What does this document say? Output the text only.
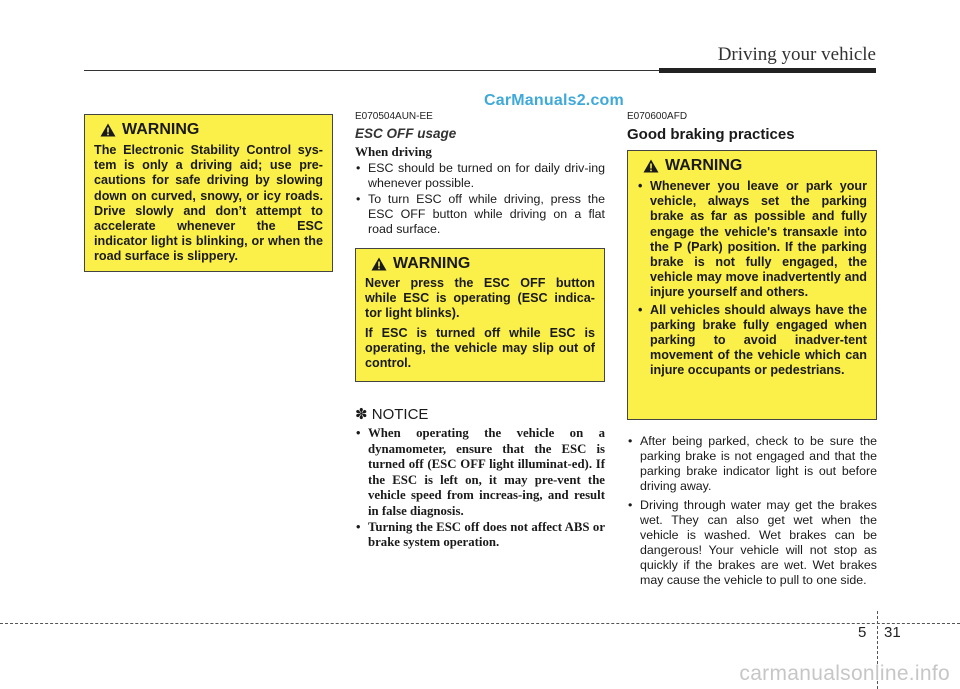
Driving your vehicle
CarManuals2.com
WARNING
The Electronic Stability Control sys-tem is only a driving aid; use pre-cautions for safe driving by slowing down on curved, snowy, or icy roads. Drive slowly and don’t attempt to accelerate whenever the ESC indicator light is blinking, or when the road surface is slippery.
E070504AUN-EE
ESC OFF usage
When driving
• ESC should be turned on for daily driv-ing whenever possible.
• To turn ESC off while driving, press the ESC OFF button while driving on a flat road surface.
WARNING
Never press the ESC OFF button while ESC is operating (ESC indica-tor light blinks).
If ESC is turned off while ESC is operating, the vehicle may slip out of control.
✽ NOTICE
• When operating the vehicle on a dynamometer, ensure that the ESC is turned off (ESC OFF light illuminat-ed). If the ESC is left on, it may pre-vent the vehicle speed from increas-ing, and result in false diagnosis.
• Turning the ESC off does not affect ABS or brake system operation.
E070600AFD
Good braking practices
WARNING
• Whenever you leave or park your vehicle, always set the parking brake as far as possible and fully engage the vehicle's transaxle into the P (Park) position. If the parking brake is not fully engaged, the vehicle may move inadvertently and injure yourself and others.
• All vehicles should always have the parking brake fully engaged when parking to avoid inadver-tent movement of the vehicle which can injure occupants or pedestrians.
• After being parked, check to be sure the parking brake is not engaged and that the parking brake indicator light is out before driving away.
• Driving through water may get the brakes wet. They can also get wet when the vehicle is washed. Wet brakes can be dangerous! Your vehicle will not stop as quickly if the brakes are wet. Wet brakes may cause the vehicle to pull to one side.
5 31
carmanualsonline.info
